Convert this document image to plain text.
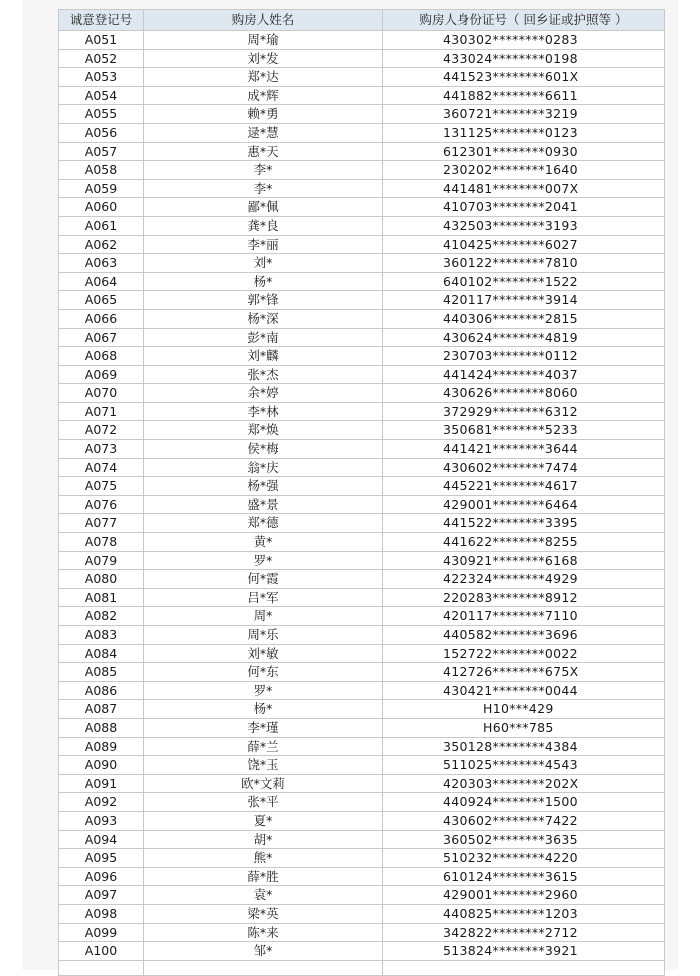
诚意登记号	购房人姓名	购房人身份证号（ 回乡证或护照等 ）
A051	周*瑜	430302********0283
A052	刘*发	433024********0198
A053	郑*达	441523********601X
A054	成*辉	441882********6611
A055	赖*勇	360721********3219
A056	逯*慧	131125********0123
A057	惠*天	612301********0930
A058	李*	230202********1640
A059	李*	441481********007X
A060	鄙*佩	410703********2041
A061	龚*良	432503********3193
A062	李*丽	410425********6027
A063	刘*	360122********7810
A064	杨*	640102********1522
A065	郭*锋	420117********3914
A066	杨*深	440306********2815
A067	彭*南	430624********4819
A068	刘*麟	230703********0112
A069	张*杰	441424********4037
A070	余*婷	430626********8060
A071	李*林	372929********6312
A072	郑*焕	350681********5233
A073	侯*梅	441421********3644
A074	翁*庆	430602********7474
A075	杨*强	445221********4617
A076	盛*景	429001********6464
A077	郑*德	441522********3395
A078	黄*	441622********8255
A079	罗*	430921********6168
A080	何*霞	422324********4929
A081	吕*军	220283********8912
A082	周*	420117********7110
A083	周*乐	440582********3696
A084	刘*敏	152722********0022
A085	何*东	412726********675X
A086	罗*	430421********0044
A087	杨*	H10***429
A088	李*瑾	H60***785
A089	薛*兰	350128********4384
A090	饶*玉	511025********4543
A091	欧*文莉	420303********202X
A092	张*平	440924********1500
A093	夏*	430602********7422
A094	胡*	360502********3635
A095	熊*	510232********4220
A096	薛*胜	610124********3615
A097	袁*	429001********2960
A098	梁*英	440825********1203
A099	陈*来	342822********2712
A100	邹*	513824********3921
